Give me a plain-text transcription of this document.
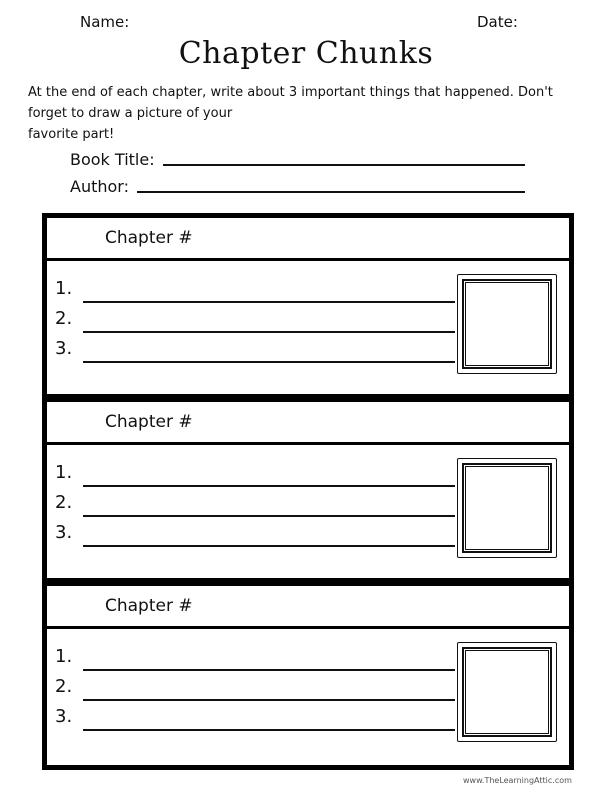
Name:	Date:
Chapter Chunks
At the end of each chapter, write about 3 important things that happened. Don't
forget to draw a picture of your
favorite part!
Book Title:
Author:
Chapter #
1.
2.
3.
Chapter #
1.
2.
3.
Chapter #
1.
2.
3.
www.TheLearningAttic.com
